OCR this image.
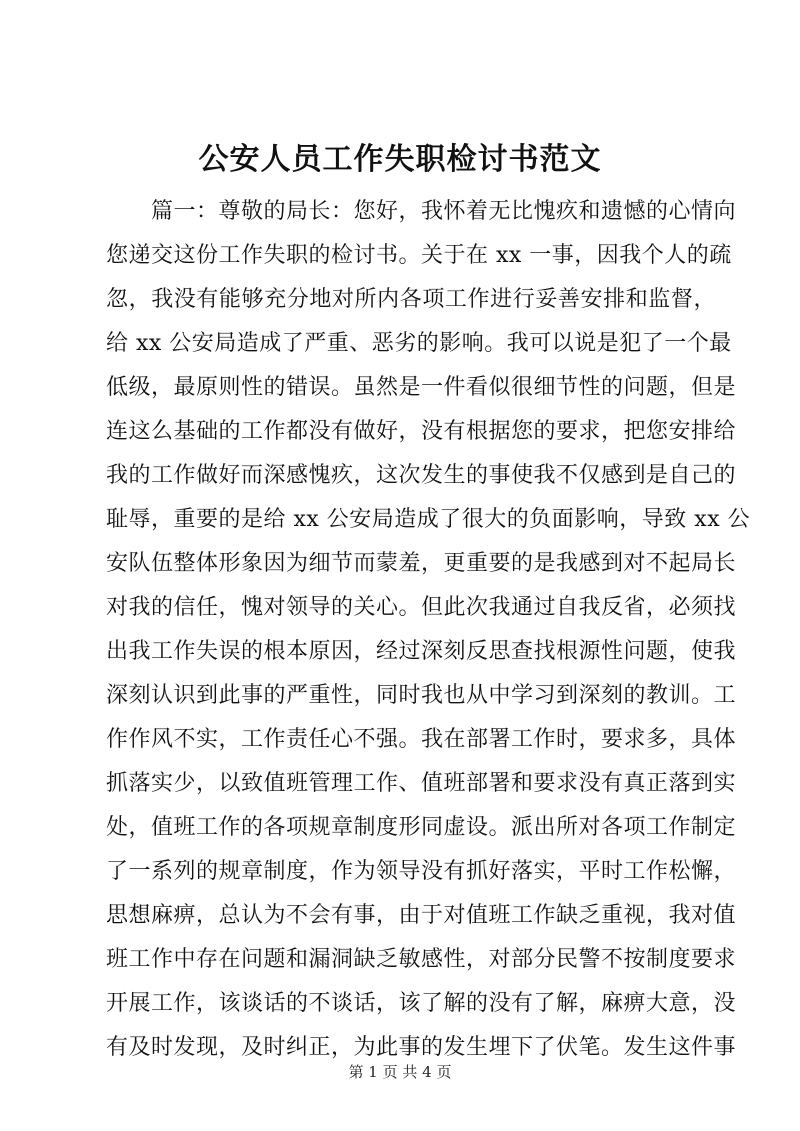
公安人员工作失职检讨书范文
　　篇一：尊敬的局长：您好，我怀着无比愧疚和遗憾的心情向
您递交这份工作失职的检讨书。关于在 xx 一事，因我个人的疏
忽，我没有能够充分地对所内各项工作进行妥善安排和监督，
给 xx 公安局造成了严重、恶劣的影响。我可以说是犯了一个最
低级，最原则性的错误。虽然是一件看似很细节性的问题，但是
连这么基础的工作都没有做好，没有根据您的要求，把您安排给
我的工作做好而深感愧疚，这次发生的事使我不仅感到是自己的
耻辱，重要的是给 xx 公安局造成了很大的负面影响，导致 xx 公
安队伍整体形象因为细节而蒙羞，更重要的是我感到对不起局长
对我的信任，愧对领导的关心。但此次我通过自我反省，必须找
出我工作失误的根本原因，经过深刻反思查找根源性问题，使我
深刻认识到此事的严重性，同时我也从中学习到深刻的教训。工
作作风不实，工作责任心不强。我在部署工作时，要求多，具体
抓落实少，以致值班管理工作、值班部署和要求没有真正落到实
处，值班工作的各项规章制度形同虚设。派出所对各项工作制定
了一系列的规章制度，作为领导没有抓好落实，平时工作松懈，
思想麻痹，总认为不会有事，由于对值班工作缺乏重视，我对值
班工作中存在问题和漏洞缺乏敏感性，对部分民警不按制度要求
开展工作，该谈话的不谈话，该了解的没有了解，麻痹大意，没
有及时发现，及时纠正，为此事的发生埋下了伏笔。发生这件事
第 1 页 共 4 页
